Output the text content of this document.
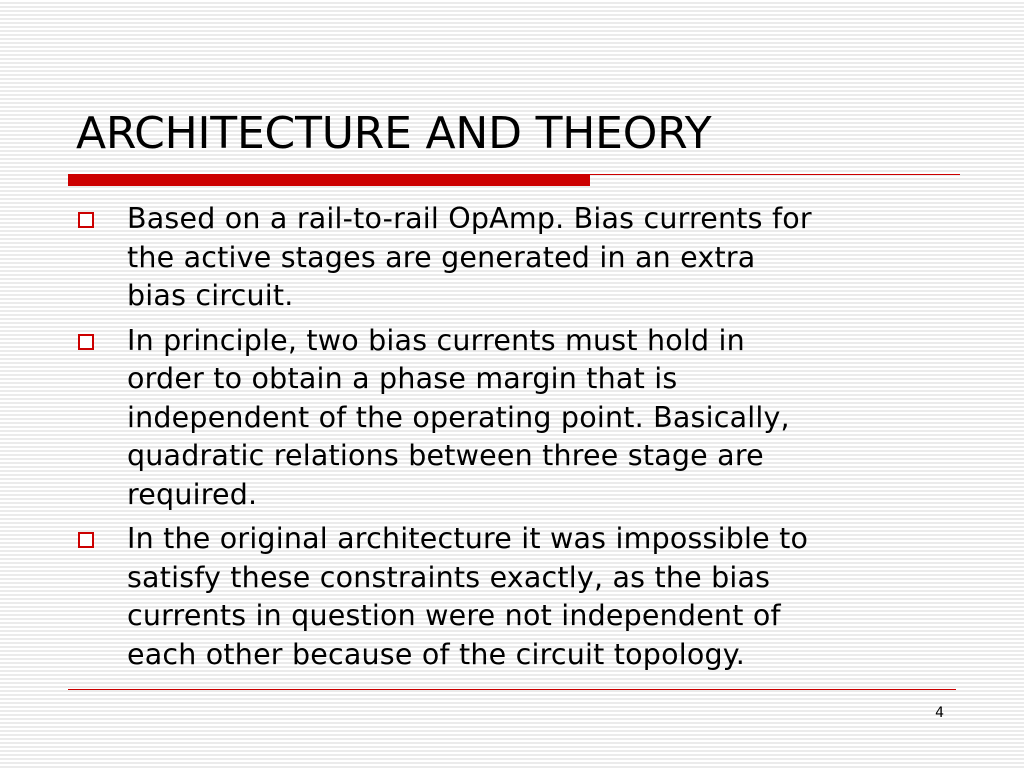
ARCHITECTURE AND THEORY
Based on a rail-to-rail OpAmp. Bias currents for
the active stages are generated in an extra
bias circuit.
In principle, two bias currents must hold in
order to obtain a phase margin that is
independent of the operating point. Basically,
quadratic relations between three stage are
required.
In the original architecture it was impossible to
satisfy these constraints exactly, as the bias
currents in question were not independent of
each other because of the circuit topology.
4
